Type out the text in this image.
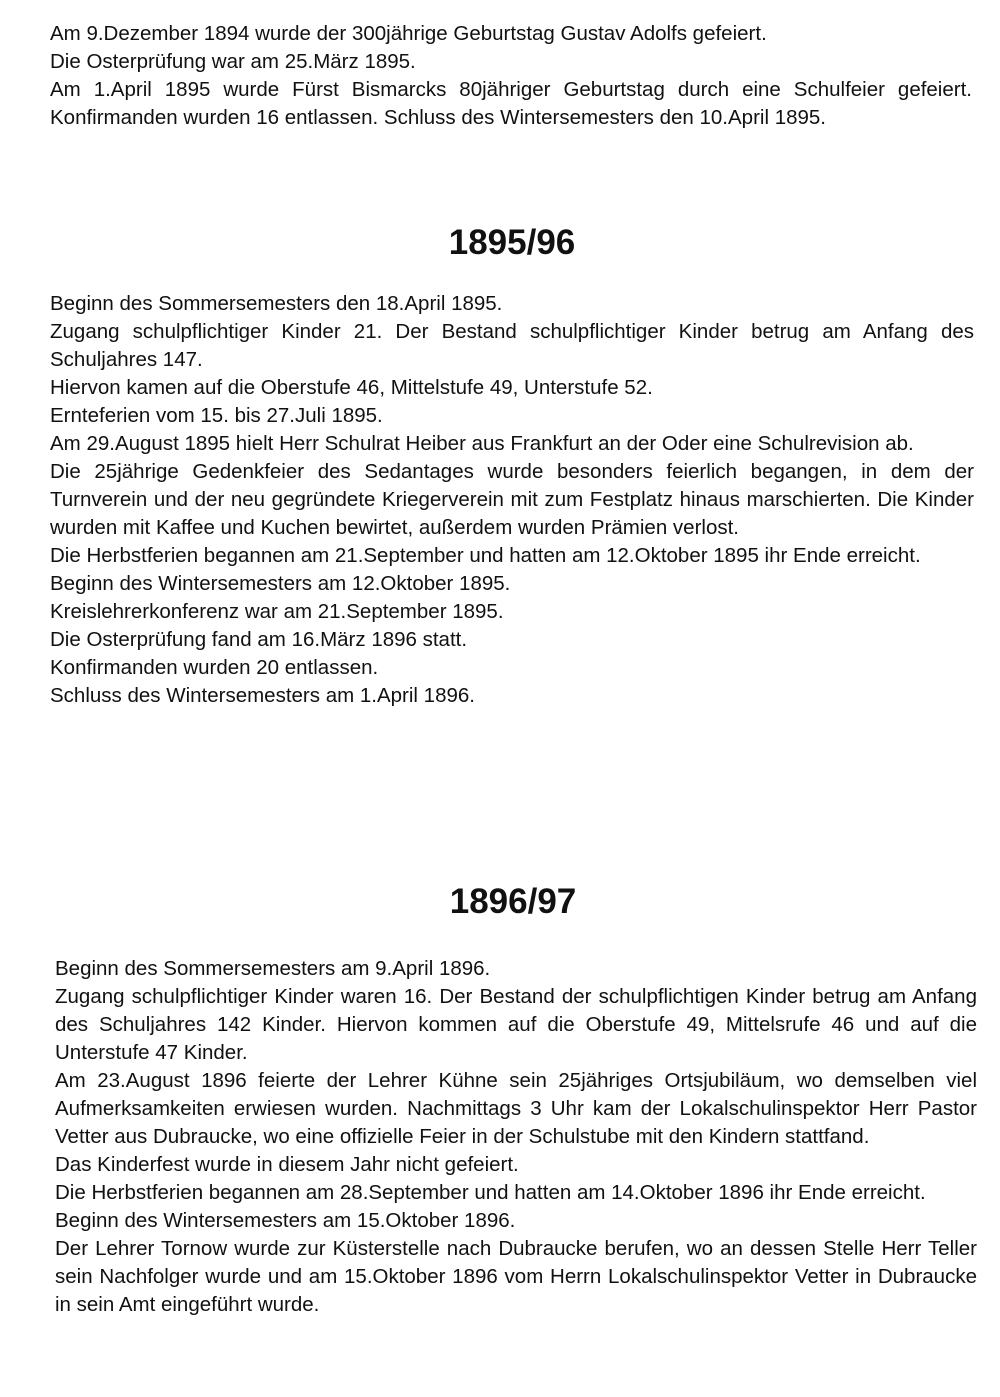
Am 9.Dezember 1894 wurde der 300jährige Geburtstag Gustav Adolfs gefeiert.

Die Osterprüfung war am 25.März 1895.

Am 1.April 1895 wurde Fürst Bismarcks 80jähriger Geburtstag durch eine Schulfeier gefeiert. Konfirmanden wurden 16 entlassen. Schluss des Wintersemesters den 10.April 1895.

1895/96

Beginn des Sommersemesters den 18.April 1895.

Zugang schulpflichtiger Kinder 21. Der Bestand schulpflichtiger Kinder betrug am Anfang des Schuljahres 147.

Hiervon kamen auf die Oberstufe 46, Mittelstufe 49, Unterstufe 52.

Ernteferien vom 15. bis 27.Juli 1895.

Am 29.August 1895 hielt Herr Schulrat Heiber aus Frankfurt an der Oder eine Schulrevision ab.

Die 25jährige Gedenkfeier des Sedantages wurde besonders feierlich begangen, in dem der Turnverein und der neu gegründete Kriegerverein mit zum Festplatz hinaus marschierten. Die Kinder wurden mit Kaffee und Kuchen bewirtet, außerdem wurden Prämien verlost.

Die Herbstferien begannen am 21.September und hatten am 12.Oktober 1895 ihr Ende erreicht.

Beginn des Wintersemesters am 12.Oktober 1895.

Kreislehrerkonferenz war am 21.September 1895.

Die Osterprüfung fand am 16.März 1896 statt.

Konfirmanden wurden 20 entlassen.

Schluss des Wintersemesters am 1.April 1896.

1896/97

Beginn des Sommersemesters am 9.April 1896.

Zugang schulpflichtiger Kinder waren 16. Der Bestand der schulpflichtigen Kinder betrug am Anfang des Schuljahres 142 Kinder. Hiervon kommen auf die Oberstufe 49, Mittelsrufe 46 und auf die Unterstufe 47 Kinder.

Am 23.August 1896 feierte der Lehrer Kühne sein 25jähriges Ortsjubiläum, wo demselben viel Aufmerksamkeiten erwiesen wurden. Nachmittags 3 Uhr kam der Lokalschulinspektor Herr Pastor Vetter aus Dubraucke, wo eine offizielle Feier in der Schulstube mit den Kindern stattfand.

Das Kinderfest wurde in diesem Jahr nicht gefeiert.

Die Herbstferien begannen am 28.September und hatten am 14.Oktober 1896 ihr Ende erreicht.

Beginn des Wintersemesters am 15.Oktober 1896.

Der Lehrer Tornow wurde zur Küsterstelle nach Dubraucke berufen, wo an dessen Stelle Herr Teller sein Nachfolger wurde und am 15.Oktober 1896 vom Herrn Lokalschulinspektor Vetter in Dubraucke in sein Amt eingeführt wurde.
